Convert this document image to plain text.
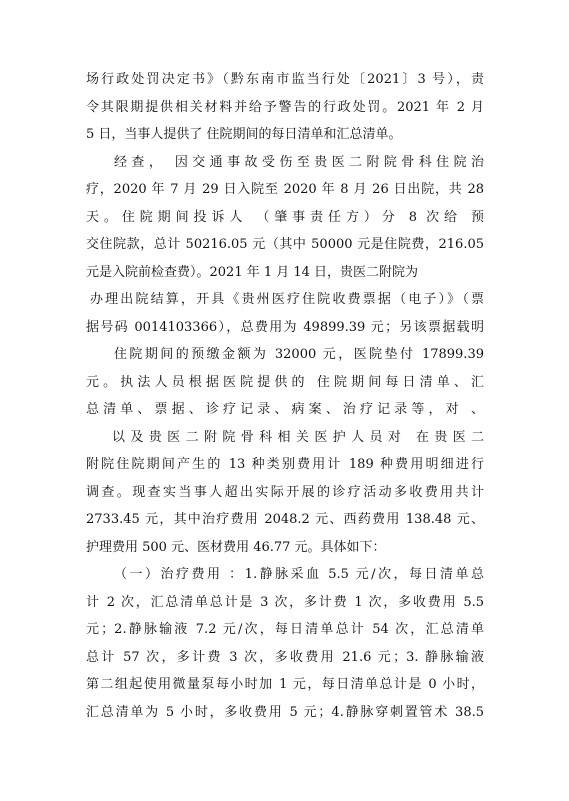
场行政处罚决定书》（黔东南市监当行处〔2021〕3 号），责
令其限期提供相关材料并给予警告的行政处罚。2021 年 2 月
5 日，当事人提供了 住院期间的每日清单和汇总清单。
经查， 因交通事故受伤至贵医二附院骨科住院治
疗，2020 年 7 月 29 日入院至 2020 年 8 月 26 日出院，共 28
天。住院期间投诉人 （肇事责任方）分 8 次给 预
交住院款，总计 50216.05 元（其中 50000 元是住院费，216.05
元是入院前检查费）。2021 年 1 月 14 日，贵医二附院为
办理出院结算，开具《贵州医疗住院收费票据（电子）》（票
据号码 0014103366），总费用为 49899.39 元；另该票据载明
住院期间的预缴金额为 32000 元，医院垫付 17899.39
元。执法人员根据医院提供的 住院期间每日清单、汇
总清单、票据、诊疗记录、病案、治疗记录等，对 、
以及贵医二附院骨科相关医护人员对 在贵医二
附院住院期间产生的 13 种类别费用计 189 种费用明细进行
调查。现查实当事人超出实际开展的诊疗活动多收费用共计
2733.45 元，其中治疗费用 2048.2 元、西药费用 138.48 元、
护理费用 500 元、医材费用 46.77 元。具体如下：
（一）治疗费用 ：1.静脉采血 5.5 元/次，每日清单总
计 2 次，汇总清单总计是 3 次，多计费 1 次，多收费用 5.5
元；2.静脉输液 7.2 元/次，每日清单总计 54 次，汇总清单
总计 57 次，多计费 3 次，多收费用 21.6 元；3. 静脉输液
第二组起使用微量泵每小时加 1 元，每日清单总计是 0 小时，
汇总清单为 5 小时，多收费用 5 元；4.静脉穿刺置管术 38.5
